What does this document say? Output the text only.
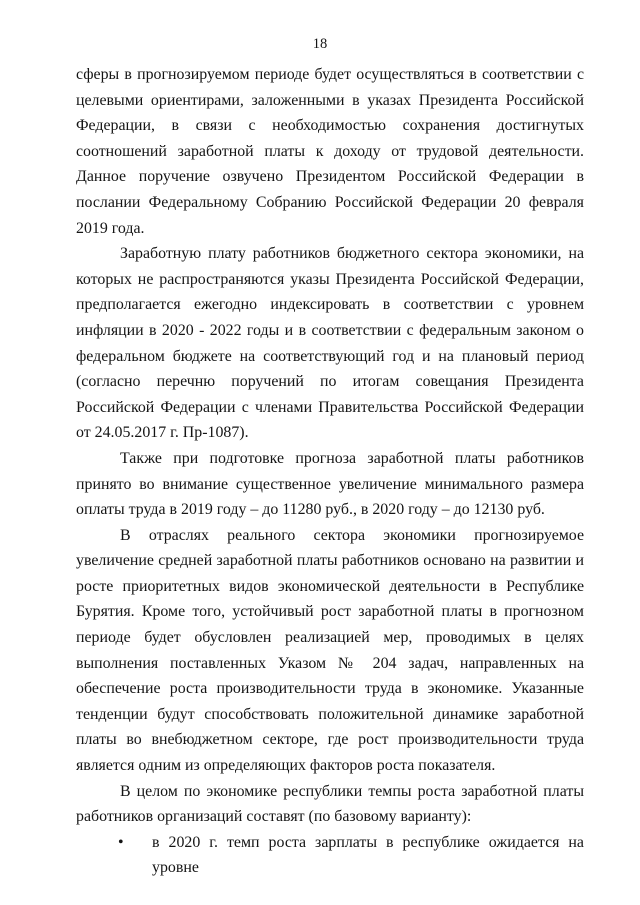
18

сферы в прогнозируемом периоде будет осуществляться в соответствии с целевыми ориентирами, заложенными в указах Президента Российской Федерации, в связи с необходимостью сохранения достигнутых соотношений заработной платы к доходу от трудовой деятельности. Данное поручение озвучено Президентом Российской Федерации в послании Федеральному Собранию Российской Федерации 20 февраля 2019 года.

Заработную плату работников бюджетного сектора экономики, на которых не распространяются указы Президента Российской Федерации, предполагается ежегодно индексировать в соответствии с уровнем инфляции в 2020 - 2022 годы и в соответствии с федеральным законом о федеральном бюджете на соответствующий год и на плановый период (согласно перечню поручений по итогам совещания Президента Российской Федерации с членами Правительства Российской Федерации от 24.05.2017 г. Пр-1087).

Также при подготовке прогноза заработной платы работников принято во внимание существенное увеличение минимального размера оплаты труда в 2019 году – до 11280 руб., в 2020 году – до 12130 руб.

В отраслях реального сектора экономики прогнозируемое увеличение средней заработной платы работников основано на развитии и росте приоритетных видов экономической деятельности в Республике Бурятия. Кроме того, устойчивый рост заработной платы в прогнозном периоде будет обусловлен реализацией мер, проводимых в целях выполнения поставленных Указом № 204 задач, направленных на обеспечение роста производительности труда в экономике. Указанные тенденции будут способствовать положительной динамике заработной платы во внебюджетном секторе, где рост производительности труда является одним из определяющих факторов роста показателя.

В целом по экономике республики темпы роста заработной платы работников организаций составят (по базовому варианту):

• в 2020 г. темп роста зарплаты в республике ожидается на уровне
